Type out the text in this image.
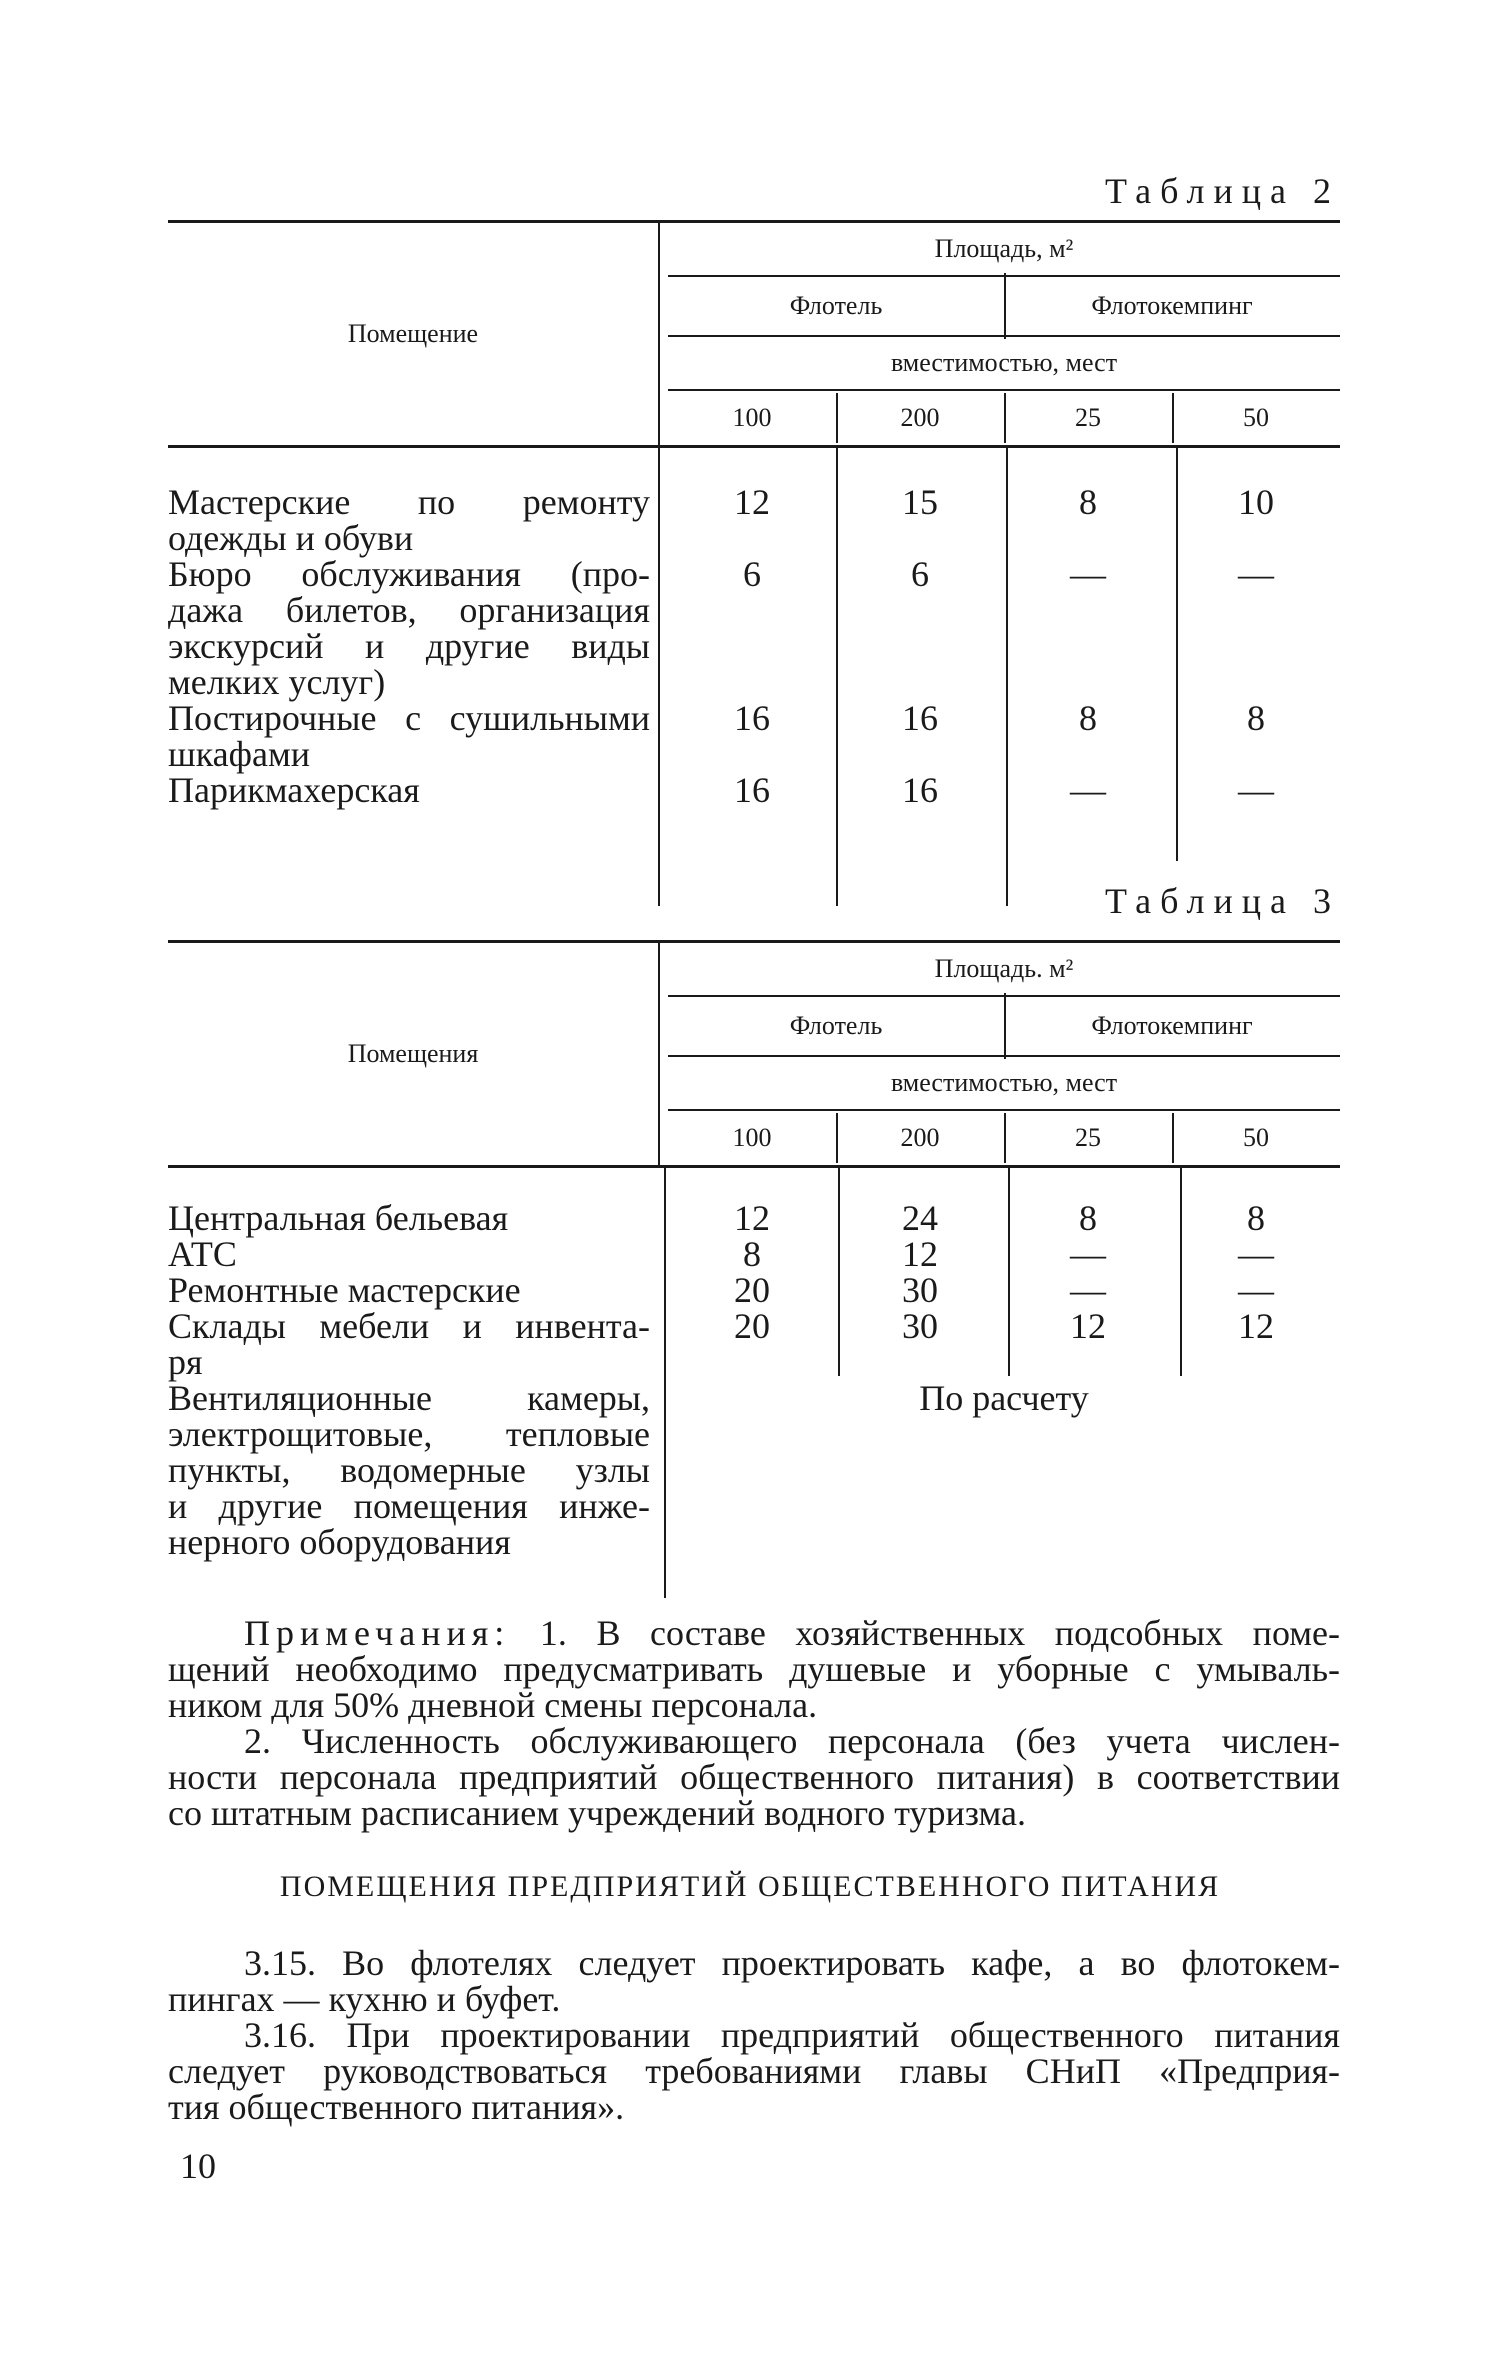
Таблица 2
Помещение
Площадь, м²
Флотель	Флотокемпинг
вместимостью, мест
100	200	25	50
Мастерские по ремонту
одежды и обуви
12	15	8	10
Бюро обслуживания (про-
дажа билетов, организация
экскурсий и другие виды
мелких услуг)
6	6	—	—
Постирочные с сушильными
шкафами
16	16	8	8
Парикмахерская	16	16	—	—
Таблица 3
Помещения
Площадь. м²
Флотель	Флотокемпинг
вместимостью, мест
100	200	25	50
Центральная бельевая	12	24	8	8
АТС	8	12	—	—
Ремонтные мастерские	20	30	—	—
Склады мебели и инвента-
ря
20	30	12	12
Вентиляционные камеры,
электрощитовые, тепловые
пункты, водомерные узлы
и другие помещения инже-
нерного оборудования
По расчету
Примечания: 1. В составе хозяйственных подсобных поме-
щений необходимо предусматривать душевые и уборные с умываль-
ником для 50% дневной смены персонала.
2. Численность обслуживающего персонала (без учета числен-
ности персонала предприятий общественного питания) в соответствии
со штатным расписанием учреждений водного туризма.
ПОМЕЩЕНИЯ ПРЕДПРИЯТИЙ ОБЩЕСТВЕННОГО ПИТАНИЯ
3.15. Во флотелях следует проектировать кафе, а во флотокем-
пингах — кухню и буфет.
3.16. При проектировании предприятий общественного питания
следует руководствоваться требованиями главы СНиП «Предприя-
тия общественного питания».
10
